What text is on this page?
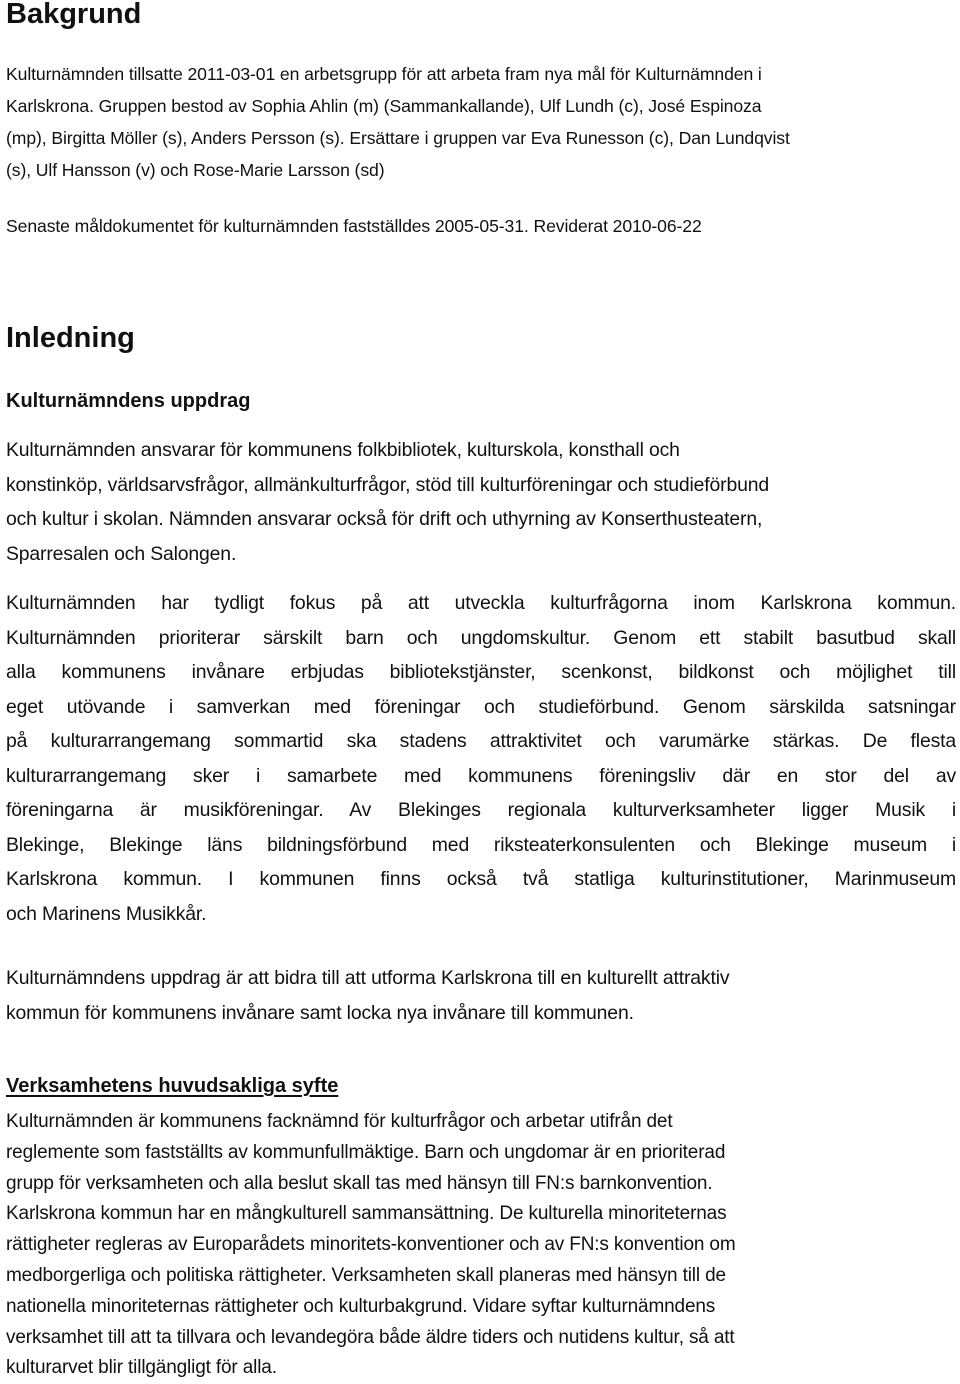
Bakgrund
Kulturnämnden tillsatte 2011-03-01 en arbetsgrupp för att arbeta fram nya mål för Kulturnämnden i
Karlskrona. Gruppen bestod av Sophia Ahlin (m) (Sammankallande), Ulf Lundh (c), José Espinoza
(mp), Birgitta Möller (s), Anders Persson (s). Ersättare i gruppen var Eva Runesson (c), Dan Lundqvist
(s), Ulf Hansson (v) och Rose-Marie Larsson (sd)
Senaste måldokumentet för kulturnämnden fastställdes 2005-05-31. Reviderat 2010-06-22
Inledning
Kulturnämndens uppdrag
Kulturnämnden ansvarar för kommunens folkbibliotek, kulturskola, konsthall och
konstinköp, världsarvsfrågor, allmänkulturfrågor, stöd till kulturföreningar och studieförbund
och kultur i skolan. Nämnden ansvarar också för drift och uthyrning av Konserthusteatern,
Sparresalen och Salongen.
Kulturnämnden har tydligt fokus på att utveckla kulturfrågorna inom Karlskrona kommun.
Kulturnämnden prioriterar särskilt barn och ungdomskultur. Genom ett stabilt basutbud skall
alla kommunens invånare erbjudas bibliotekstjänster, scenkonst, bildkonst och möjlighet till
eget utövande i samverkan med föreningar och studieförbund. Genom särskilda satsningar
på kulturarrangemang sommartid ska stadens attraktivitet och varumärke stärkas. De flesta
kulturarrangemang sker i samarbete med kommunens föreningsliv där en stor del av
föreningarna är musikföreningar. Av Blekinges regionala kulturverksamheter ligger Musik i
Blekinge, Blekinge läns bildningsförbund med riksteaterkonsulenten och Blekinge museum i
Karlskrona kommun. I kommunen finns också två statliga kulturinstitutioner, Marinmuseum
och Marinens Musikkår.
Kulturnämndens uppdrag är att bidra till att utforma Karlskrona till en kulturellt attraktiv
kommun för kommunens invånare samt locka nya invånare till kommunen.
Verksamhetens huvudsakliga syfte
Kulturnämnden är kommunens facknämnd för kulturfrågor och arbetar utifrån det
reglemente som fastställts av kommunfullmäktige. Barn och ungdomar är en prioriterad
grupp för verksamheten och alla beslut skall tas med hänsyn till FN:s barnkonvention.
Karlskrona kommun har en mångkulturell sammansättning. De kulturella minoriteternas
rättigheter regleras av Europarådets minoritets-konventioner och av FN:s konvention om
medborgerliga och politiska rättigheter. Verksamheten skall planeras med hänsyn till de
nationella minoriteternas rättigheter och kulturbakgrund. Vidare syftar kulturnämndens
verksamhet till att ta tillvara och levandegöra både äldre tiders och nutidens kultur, så att
kulturarvet blir tillgängligt för alla.
